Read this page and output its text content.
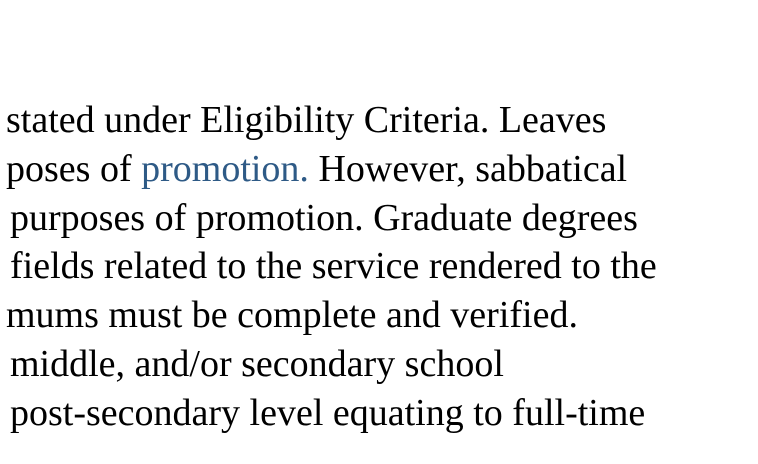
stated under Eligibility Criteria. Leaves
poses of promotion. However, sabbatical
purposes of promotion. Graduate degrees
fields related to the service rendered to the
mums must be complete and verified.
middle, and/or secondary school
post-secondary level equating to full-time
